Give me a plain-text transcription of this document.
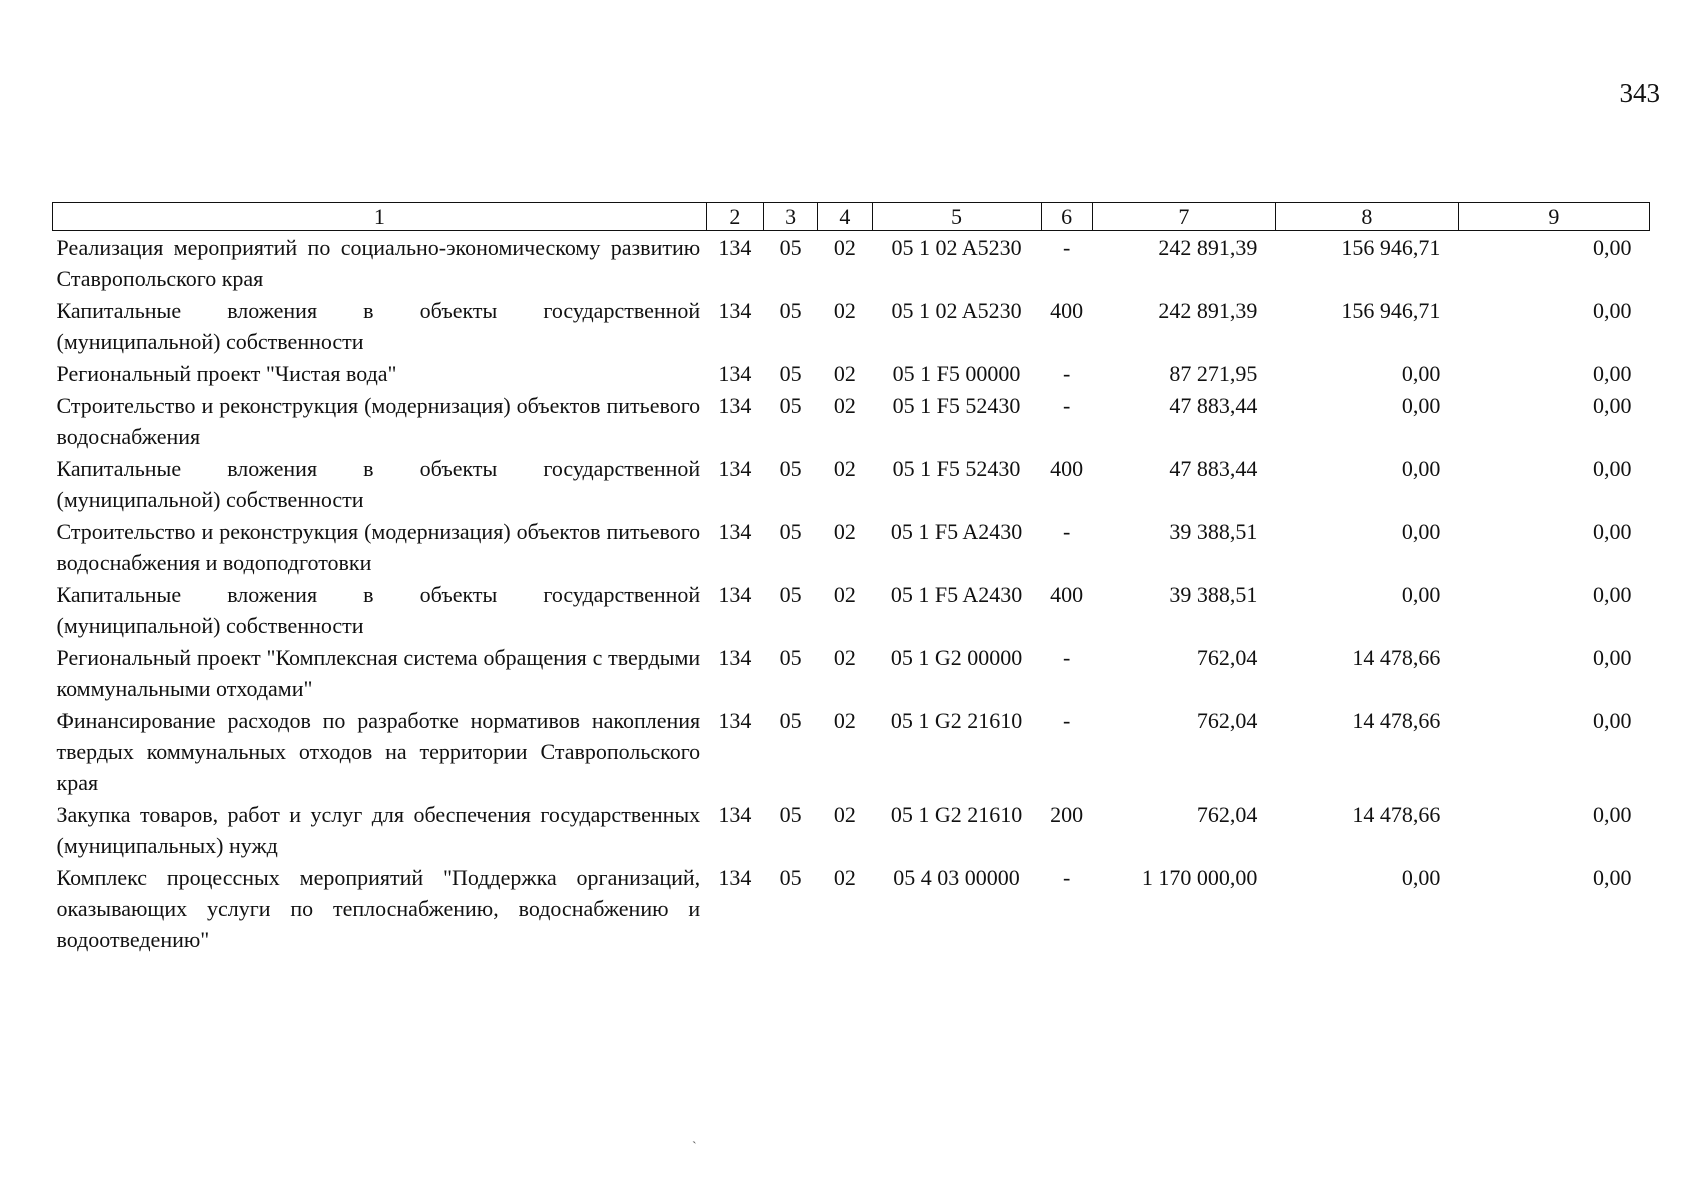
343
1	2	3	4	5	6	7	8	9
Реализация мероприятий по социально-экономическому развитию Ставропольского края	134	05	02	05 1 02 A5230	-	242 891,39	156 946,71	0,00
Капитальные вложения в объекты государственной (муниципальной) собственности	134	05	02	05 1 02 A5230	400	242 891,39	156 946,71	0,00
Региональный проект "Чистая вода"	134	05	02	05 1 F5 00000	-	87 271,95	0,00	0,00
Строительство и реконструкция (модернизация) объектов питьевого водоснабжения	134	05	02	05 1 F5 52430	-	47 883,44	0,00	0,00
Капитальные вложения в объекты государственной (муниципальной) собственности	134	05	02	05 1 F5 52430	400	47 883,44	0,00	0,00
Строительство и реконструкция (модернизация) объектов питьевого водоснабжения и водоподготовки	134	05	02	05 1 F5 A2430	-	39 388,51	0,00	0,00
Капитальные вложения в объекты государственной (муниципальной) собственности	134	05	02	05 1 F5 A2430	400	39 388,51	0,00	0,00
Региональный проект "Комплексная система обращения с твердыми коммунальными отходами"	134	05	02	05 1 G2 00000	-	762,04	14 478,66	0,00
Финансирование расходов по разработке нормативов накопления твердых коммунальных отходов на территории Ставропольского края	134	05	02	05 1 G2 21610	-	762,04	14 478,66	0,00
Закупка товаров, работ и услуг для обеспечения государственных (муниципальных) нужд	134	05	02	05 1 G2 21610	200	762,04	14 478,66	0,00
Комплекс процессных мероприятий "Поддержка организаций, оказывающих услуги по теплоснабжению, водоснабжению и водоотведению"	134	05	02	05 4 03 00000	-	1 170 000,00	0,00	0,00
`
